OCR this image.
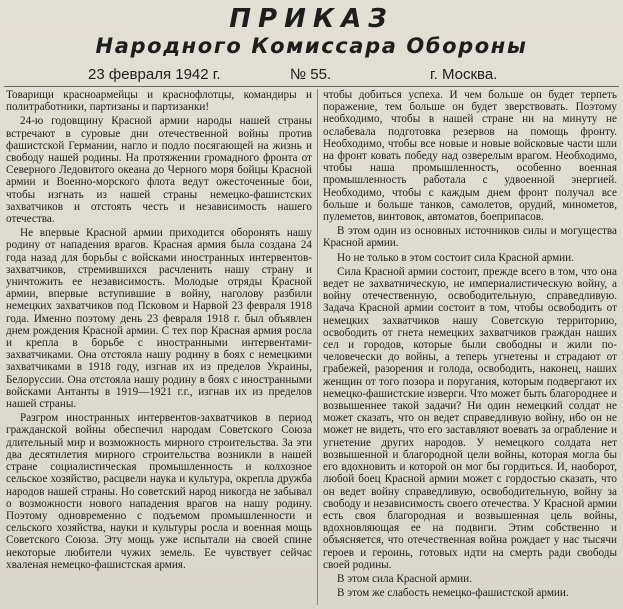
ПРИКАЗ
Народного Комиссара Обороны
23 февраля 1942 г.	№ 55.	г. Москва.

Товарищи красноармейцы и краснофлотцы, командиры и политработники, партизаны и партизанки!

24-ю годовщину Красной армии народы нашей страны встречают в суровые дни отечественной войны против фашистской Германии, нагло и подло посягающей на жизнь и свободу нашей родины. На протяжении громадного фронта от Северного Ледовитого океана до Черного моря бойцы Красной армии и Военно-морского флота ведут ожесточенные бои, чтобы изгнать из нашей страны немецко-фашистских захватчиков и отстоять честь и независимость нашего отечества.

Не впервые Красной армии приходится оборонять нашу родину от нападения врагов. Красная армия была создана 24 года назад для борьбы с войсками иностранных интервентов-захватчиков, стремившихся расчленить нашу страну и уничтожить ее независимость. Молодые отряды Красной армии, впервые вступившие в войну, наголову разбили немецких захватчиков под Псковом и Нарвой 23 февраля 1918 года. Именно поэтому день 23 февраля 1918 г. был объявлен днем рождения Красной армии. С тех пор Красная армия росла и крепла в борьбе с иностранными интервентами-захватчиками. Она отстояла нашу родину в боях с немецкими захватчиками в 1918 году, изгнав их из пределов Украины, Белоруссии. Она отстояла нашу родину в боях с иностранными войсками Антанты в 1919—1921 г.г., изгнав их из пределов нашей страны.

Разгром иностранных интервентов-захватчиков в период гражданской войны обеспечил народам Советского Союза длительный мир и возможность мирного строительства. За эти два десятилетия мирного строительства возникли в нашей стране социалистическая промышленность и колхозное сельское хозяйство, расцвели наука и культура, окрепла дружба народов нашей страны. Но советский народ никогда не забывал о возможности нового нападения врагов на нашу родину. Поэтому одновременно с подъемом промышленности и сельского хозяйства, науки и культуры росла и военная мощь Советского Союза. Эту мощь уже испытали на своей спине некоторые любители чужих земель. Ее чувствует сейчас хваленая немецко-фашистская армия.

чтобы добиться успеха. И чем больше он будет терпеть поражение, тем больше он будет зверствовать. Поэтому необходимо, чтобы в нашей стране ни на минуту не ослабевала подготовка резервов на помощь фронту. Необходимо, чтобы все новые и новые войсковые части шли на фронт ковать победу над озверелым врагом. Необходимо, чтобы наша промышленность, особенно военная промышленность работала с удвоенной энергией. Необходимо, чтобы с каждым днем фронт получал все больше и больше танков, самолетов, орудий, минометов, пулеметов, винтовок, автоматов, боеприпасов.

В этом один из основных источников силы и могущества Красной армии.

Но не только в этом состоит сила Красной армии.

Сила Красной армии состоит, прежде всего в том, что она ведет не захватническую, не империалистическую войну, а войну отечественную, освободительную, справедливую. Задача Красной армии состоит в том, чтобы освободить от немецких захватчиков нашу Советскую территорию, освободить от гнета немецких захватчиков граждан наших сел и городов, которые были свободны и жили по-человечески до войны, а теперь угнетены и страдают от грабежей, разорения и голода, освободить, наконец, наших женщин от того позора и поругания, которым подвергают их немецко-фашистские изверги. Что может быть благороднее и возвышеннее такой задачи? Ни один немецкий солдат не может сказать, что он ведет справедливую войну, ибо он не может не видеть, что его заставляют воевать за ограбление и угнетение других народов. У немецкого солдата нет возвышенной и благородной цели войны, которая могла бы его вдохновить и которой он мог бы гордиться. И, наоборот, любой боец Красной армии может с гордостью сказать, что он ведет войну справедливую, освободительную, войну за свободу и независимость своего отечества. У Красной армии есть своя благородная и возвышенная цель войны, вдохновляющая ее на подвиги. Этим собственно и объясняется, что отечественная война рождает у нас тысячи героев и героинь, готовых идти на смерть ради свободы своей родины.

В этом сила Красной армии.

В этом же слабость немецко-фашистской армии.
